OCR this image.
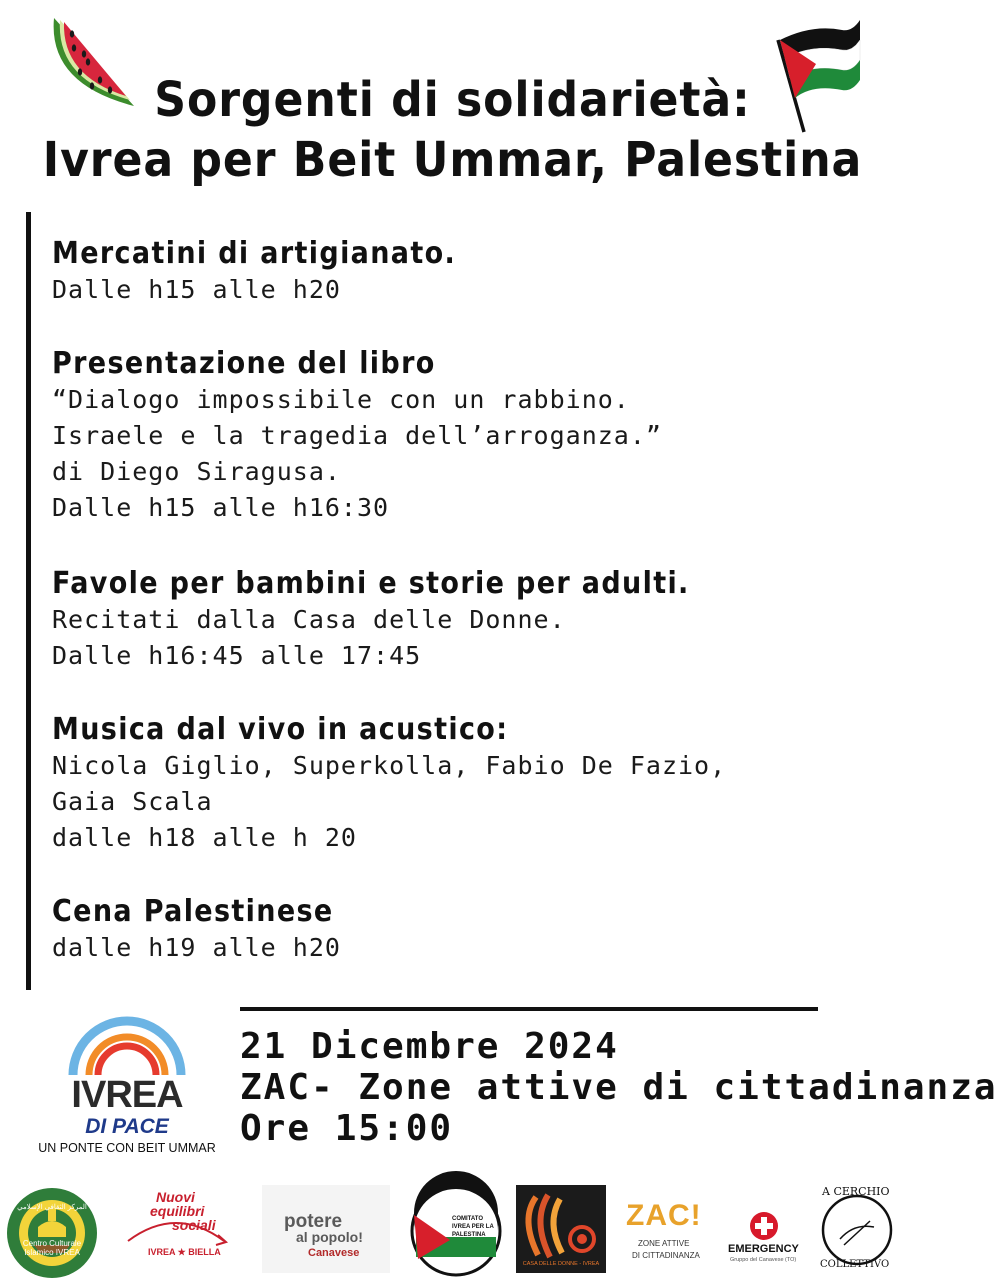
Sorgenti di solidarietà:
Ivrea per Beit Ummar, Palestina
Mercatini di artigianato.
Dalle h15 alle h20
Presentazione del libro
“Dialogo impossibile con un rabbino.
Israele e la tragedia dell’arroganza.”
di Diego Siragusa.
Dalle h15 alle h16:30
Favole per bambini e storie per adulti.
Recitati dalla Casa delle Donne.
Dalle h16:45 alle 17:45
Musica dal vivo in acustico:
Nicola Giglio, Superkolla, Fabio De Fazio,
Gaia Scala
dalle h18 alle h 20
Cena Palestinese
dalle h19 alle h20
21 Dicembre 2024
ZAC- Zone attive di cittadinanza
Ore 15:00
IVREA
DI PACE
UN PONTE CON BEIT UMMAR
Centro Culturale Islamico IVREA
المركز الثقافي الإسلامي
Nuovi
equilibri
sociali
IVREA ★ BIELLA
potere
al popolo!
Canavese
COMITATO IVREA PER LA PALESTINA
CASA DELLE DONNE - IVREA
ZAC!
ZONE ATTIVE
DI CITTADINANZA
EMERGENCY
Gruppo del Canavese (TO)
A CERCHIO
COLLETTIVO
